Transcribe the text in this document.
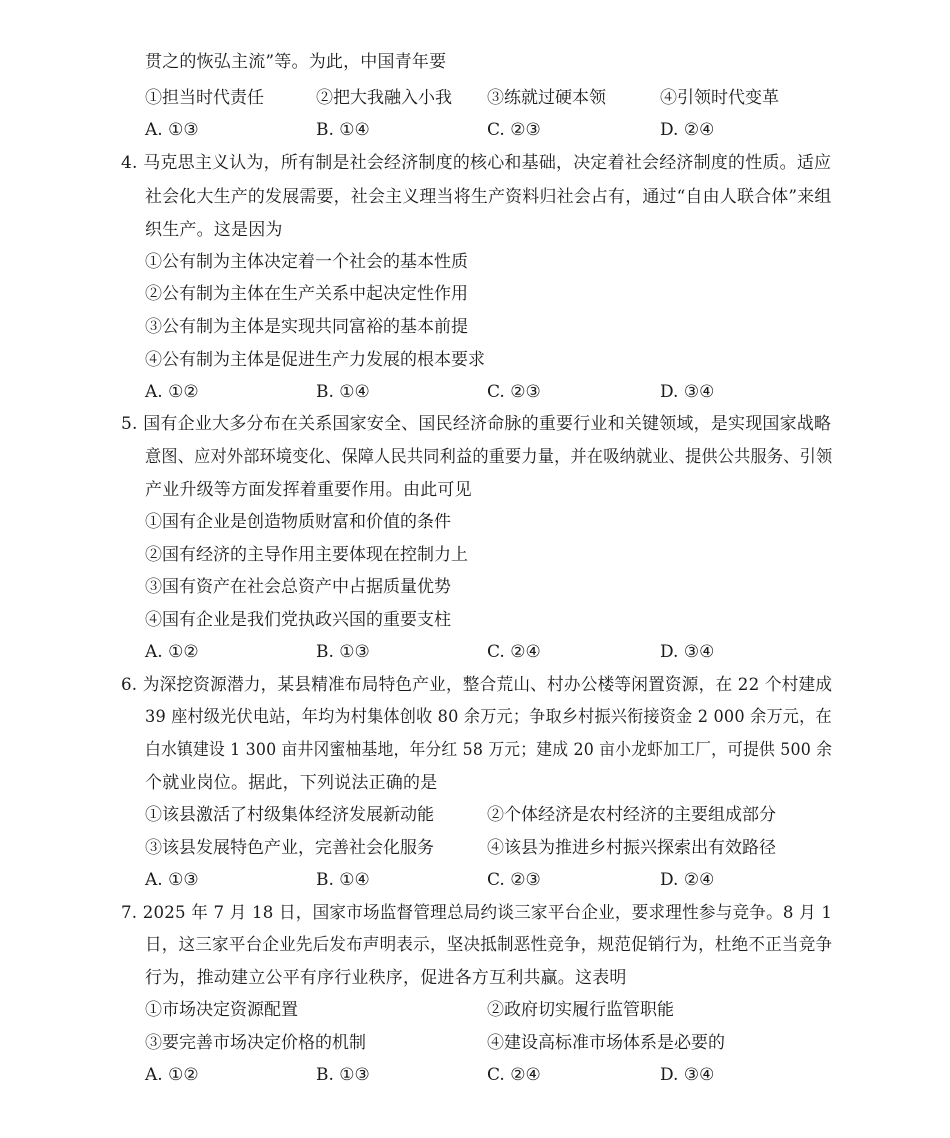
贯之的恢弘主流”等。为此，中国青年要
①担当时代责任	②把大我融入小我 ③练就过硬本领	④引领时代变革
A. ①③	B. ①④	C. ②③	D. ②④
4. 马克思主义认为，所有制是社会经济制度的核心和基础，决定着社会经济制度的性质。适应
社会化大生产的发展需要，社会主义理当将生产资料归社会占有，通过“自由人联合体”来组
织生产。这是因为
①公有制为主体决定着一个社会的基本性质
②公有制为主体在生产关系中起决定性作用
③公有制为主体是实现共同富裕的基本前提
④公有制为主体是促进生产力发展的根本要求
A. ①②	B. ①④	C. ②③	D. ③④
5. 国有企业大多分布在关系国家安全、国民经济命脉的重要行业和关键领域，是实现国家战略
意图、应对外部环境变化、保障人民共同利益的重要力量，并在吸纳就业、提供公共服务、引领
产业升级等方面发挥着重要作用。由此可见
①国有企业是创造物质财富和价值的条件
②国有经济的主导作用主要体现在控制力上
③国有资产在社会总资产中占据质量优势
④国有企业是我们党执政兴国的重要支柱
A. ①②	B. ①③	C. ②④	D. ③④
6. 为深挖资源潜力，某县精准布局特色产业，整合荒山、村办公楼等闲置资源，在 22 个村建成
39 座村级光伏电站，年均为村集体创收 80 余万元；争取乡村振兴衔接资金 2 000 余万元，在
白水镇建设 1 300 亩井冈蜜柚基地，年分红 58 万元；建成 20 亩小龙虾加工厂，可提供 500 余
个就业岗位。据此，下列说法正确的是
①该县激活了村级集体经济发展新动能	②个体经济是农村经济的主要组成部分
③该县发展特色产业，完善社会化服务	④该县为推进乡村振兴探索出有效路径
A. ①③	B. ①④	C. ②③	D. ②④
7. 2025 年 7 月 18 日，国家市场监督管理总局约谈三家平台企业，要求理性参与竞争。8 月 1
日，这三家平台企业先后发布声明表示，坚决抵制恶性竞争，规范促销行为，杜绝不正当竞争
行为，推动建立公平有序行业秩序，促进各方互利共赢。这表明
①市场决定资源配置	②政府切实履行监管职能
③要完善市场决定价格的机制	④建设高标准市场体系是必要的
A. ①②	B. ①③	C. ②④	D. ③④
